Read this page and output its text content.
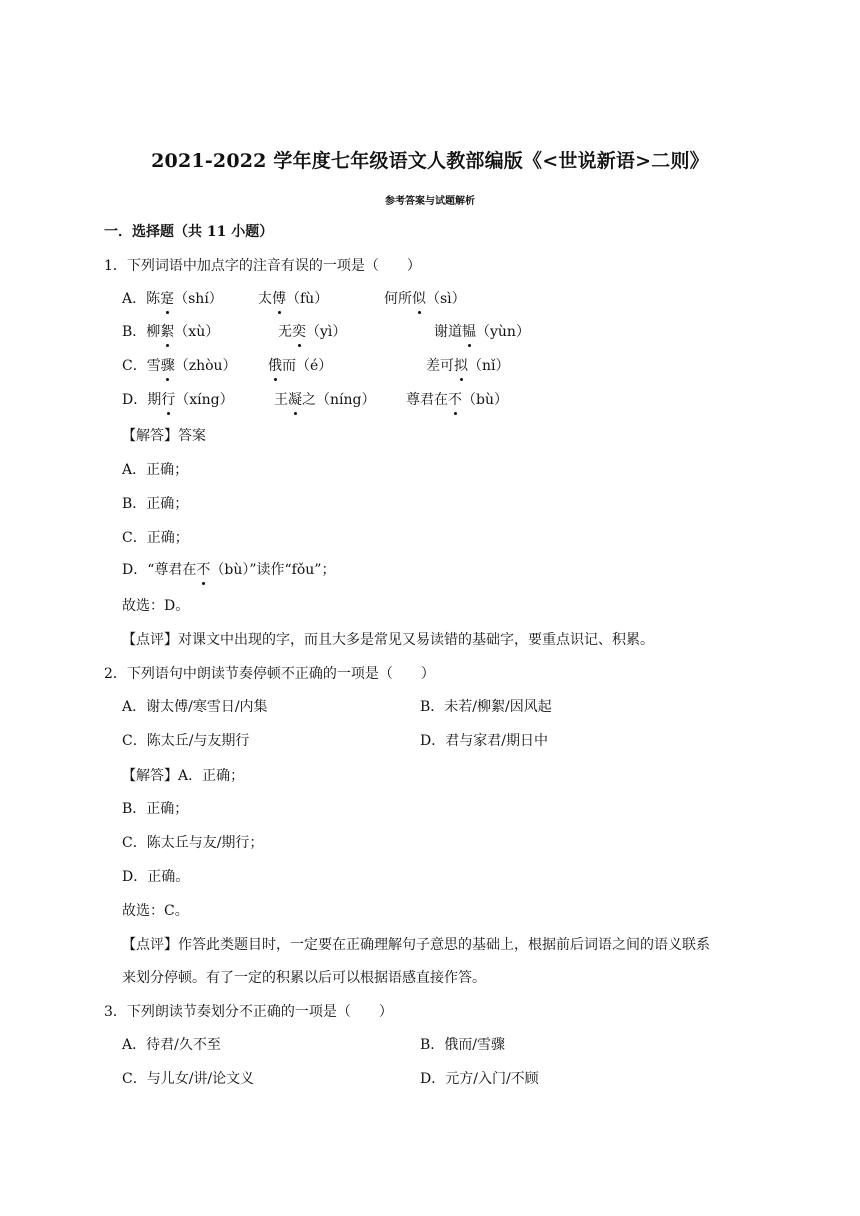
2021-2022 学年度七年级语文人教部编版《<世说新语>二则》
参考答案与试题解析
一．选择题（共 11 小题）
1．下列词语中加点字的注音有误的一项是（　　）
A．陈寔（shí）	太傅（fù）	何所似（sì）
B．柳絮（xù）	无奕（yì）	谢道韫（yùn）
C．雪骤（zhòu） 俄而（é）	差可拟（nǐ）
D．期行（xíng）	王凝之（níng） 尊君在不（bù）
【解答】答案
A．正确；
B．正确；
C．正确；
D．“尊君在不（bù）”读作“fǒu”；
故选：D。
【点评】对课文中出现的字，而且大多是常见又易读错的基础字，要重点识记、积累。
2．下列语句中朗读节奏停顿不正确的一项是（　　）
A．谢太傅/寒雪日/内集	B．未若/柳絮/因风起
C．陈太丘/与友期行	D．君与家君/期日中
【解答】A．正确；
B．正确；
C．陈太丘与友/期行；
D．正确。
故选：C。
【点评】作答此类题目时，一定要在正确理解句子意思的基础上，根据前后词语之间的语义联系
来划分停顿。有了一定的积累以后可以根据语感直接作答。
3．下列朗读节奏划分不正确的一项是（　　）
A．待君/久不至	B．俄而/雪骤
C．与儿女/讲/论文义	D．元方/入门/不顾
